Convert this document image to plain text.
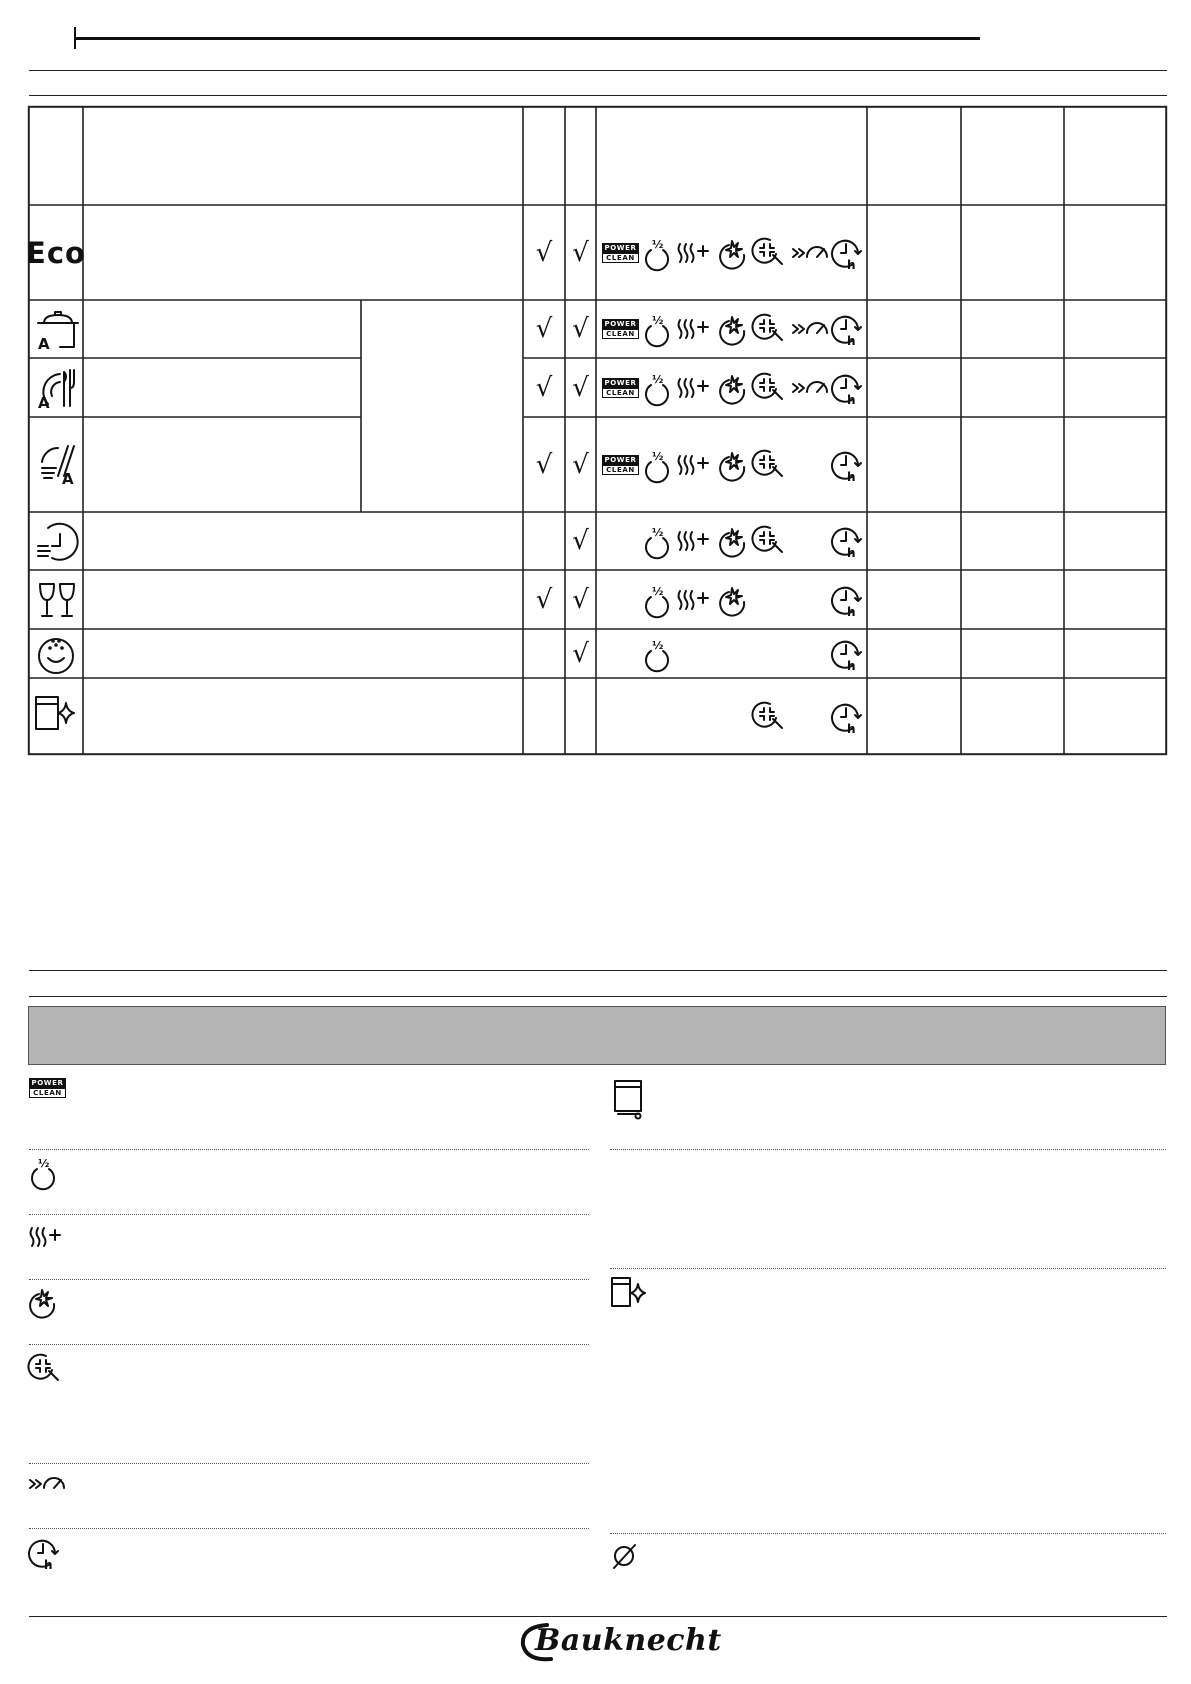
Eco
A
A
A
√ √
√ √
√ √
√ √
√
√ √
√
POWER
CLEAN
½
h
POWER
CLEAN
½
h
POWER
CLEAN
½
h
POWER
CLEAN
½
h
½
h
½
h
½
h
h
POWER
CLEAN
½
h
Bauknecht
